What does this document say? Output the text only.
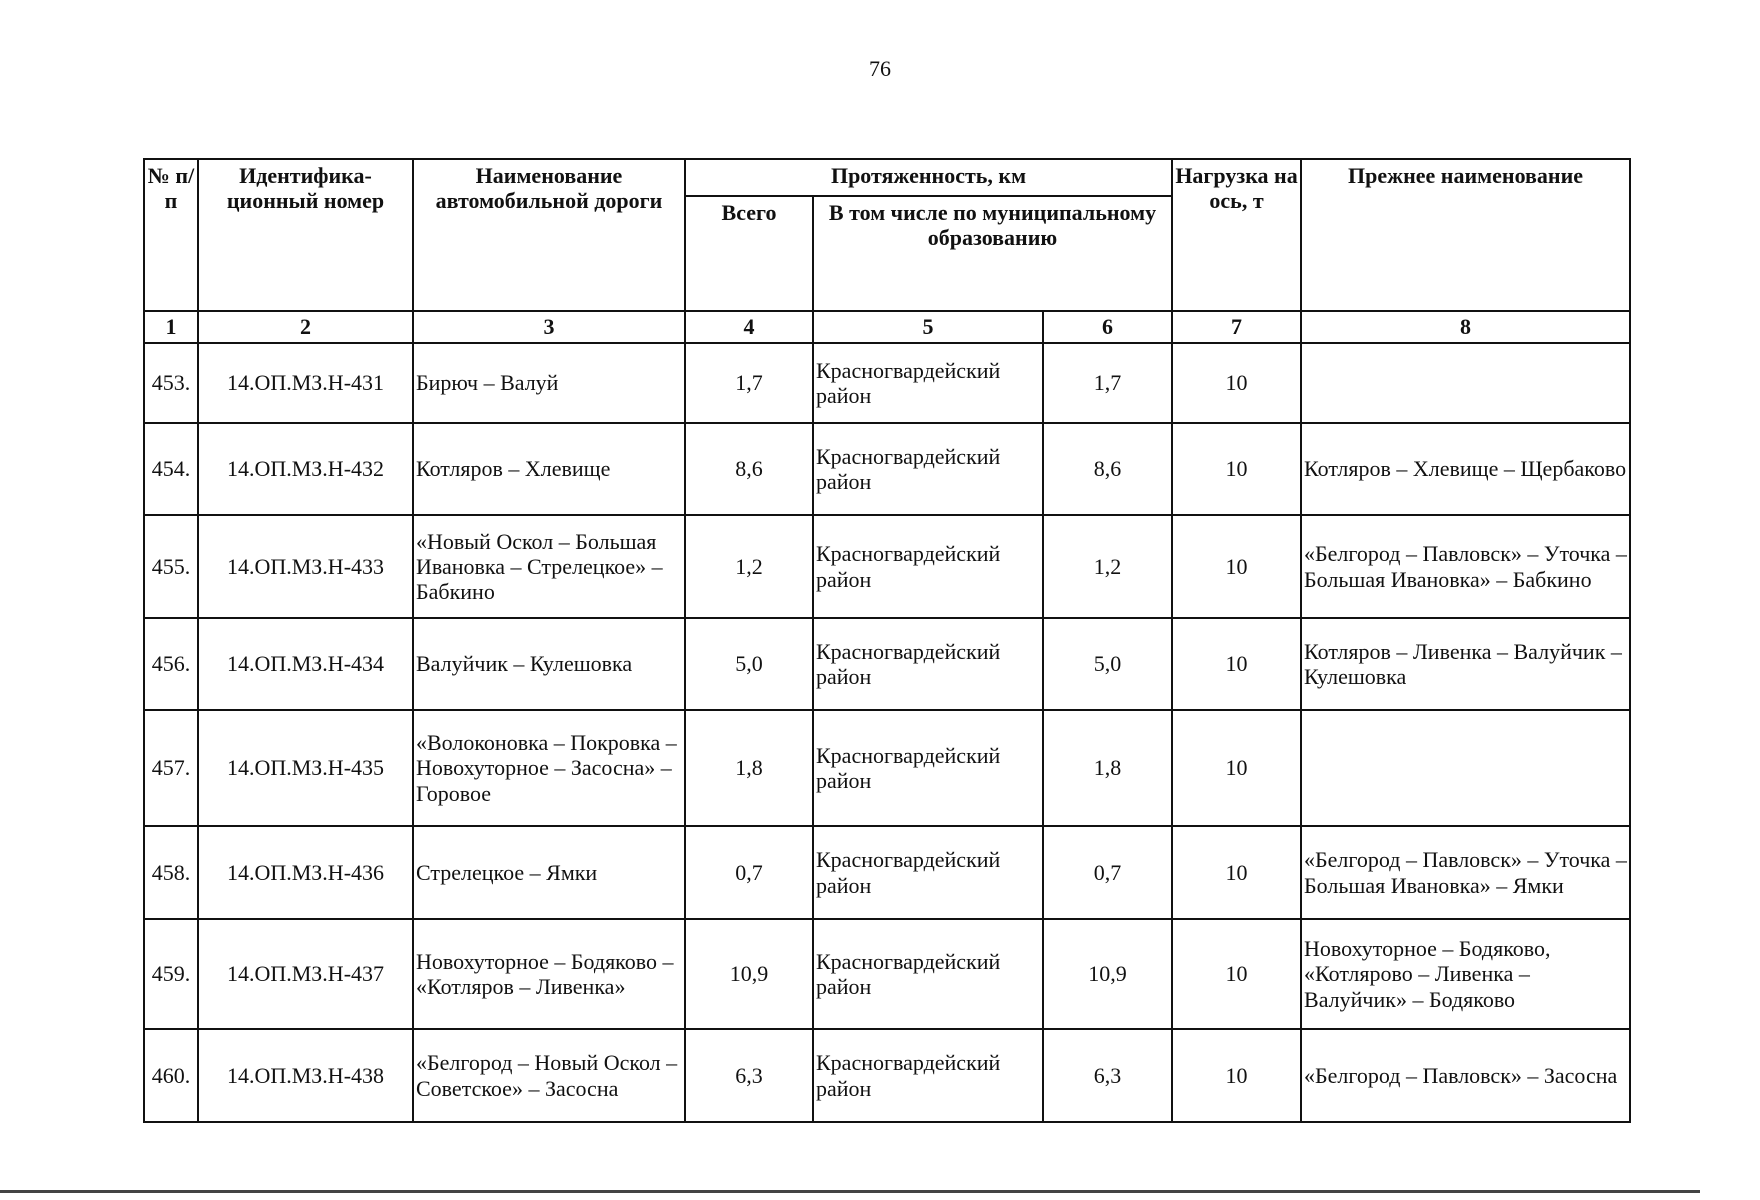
76
№ п/п	Идентифика-ционный номер	Наименование автомобильной дороги	Протяженность, км			Нагрузка на ось, т	Прежнее наименование
			Всего	В том числе по муниципальному образованию			
1	2	3	4	5	6	7	8
453.	14.ОП.МЗ.Н-431	Бирюч – Валуй	1,7	Красногвардейский район	1,7	10	
454.	14.ОП.МЗ.Н-432	Котляров – Хлевище	8,6	Красногвардейский район	8,6	10	Котляров – Хлевище – Щербаково
455.	14.ОП.МЗ.Н-433	«Новый Оскол – Большая Ивановка – Стрелецкое» – Бабкино	1,2	Красногвардейский район	1,2	10	«Белгород – Павловск» – Уточка – Большая Ивановка» – Бабкино
456.	14.ОП.МЗ.Н-434	Валуйчик – Кулешовка	5,0	Красногвардейский район	5,0	10	Котляров – Ливенка – Валуйчик – Кулешовка
457.	14.ОП.МЗ.Н-435	«Волоконовка – Покровка – Новохуторное – Засосна» – Горовое	1,8	Красногвардейский район	1,8	10	
458.	14.ОП.МЗ.Н-436	Стрелецкое – Ямки	0,7	Красногвардейский район	0,7	10	«Белгород – Павловск» – Уточка – Большая Ивановка» – Ямки
459.	14.ОП.МЗ.Н-437	Новохуторное – Бодяково – «Котляров – Ливенка»	10,9	Красногвардейский район	10,9	10	Новохуторное – Бодяково, «Котлярово – Ливенка – Валуйчик» – Бодяково
460.	14.ОП.МЗ.Н-438	«Белгород – Новый Оскол – Советское» – Засосна	6,3	Красногвардейский район	6,3	10	«Белгород – Павловск» – Засосна
